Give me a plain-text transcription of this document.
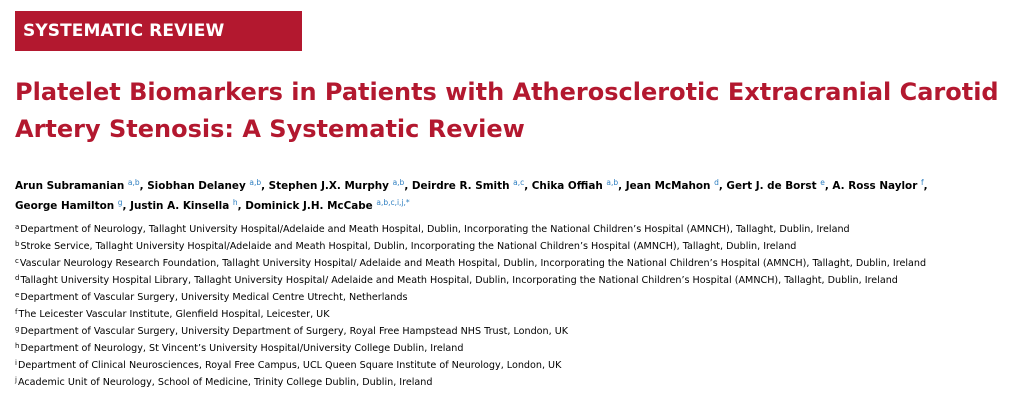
SYSTEMATIC REVIEW
Platelet Biomarkers in Patients with Atherosclerotic Extracranial Carotid
Artery Stenosis: A Systematic Review
Arun Subramanian $^{a,b}$, Siobhan Delaney $^{a,b}$, Stephen J.X. Murphy $^{a,b}$, Deirdre R. Smith $^{a,c}$, Chika Offiah $^{a,b}$, Jean McMahon $^d$, Gert J. de Borst $^e$, A. Ross Naylor $^f$, George Hamilton $^g$, Justin A. Kinsella $^h$, Dominick J.H. McCabe $^{a,b,c,i,j,*}$
$^a$Department of Neurology, Tallaght University Hospital/Adelaide and Meath Hospital, Dublin, Incorporating the National Children’s Hospital (AMNCH), Tallaght, Dublin, Ireland
$^b$Stroke Service, Tallaght University Hospital/Adelaide and Meath Hospital, Dublin, Incorporating the National Children’s Hospital (AMNCH), Tallaght, Dublin, Ireland
$^c$Vascular Neurology Research Foundation, Tallaght University Hospital/ Adelaide and Meath Hospital, Dublin, Incorporating the National Children’s Hospital (AMNCH), Tallaght, Dublin, Ireland
$^d$Tallaght University Hospital Library, Tallaght University Hospital/ Adelaide and Meath Hospital, Dublin, Incorporating the National Children’s Hospital (AMNCH), Tallaght, Dublin, Ireland
$^e$Department of Vascular Surgery, University Medical Centre Utrecht, Netherlands
$^f$The Leicester Vascular Institute, Glenfield Hospital, Leicester, UK
$^g$Department of Vascular Surgery, University Department of Surgery, Royal Free Hampstead NHS Trust, London, UK
$^h$Department of Neurology, St Vincent’s University Hospital/University College Dublin, Ireland
$^i$Department of Clinical Neurosciences, Royal Free Campus, UCL Queen Square Institute of Neurology, London, UK
$^j$Academic Unit of Neurology, School of Medicine, Trinity College Dublin, Dublin, Ireland
